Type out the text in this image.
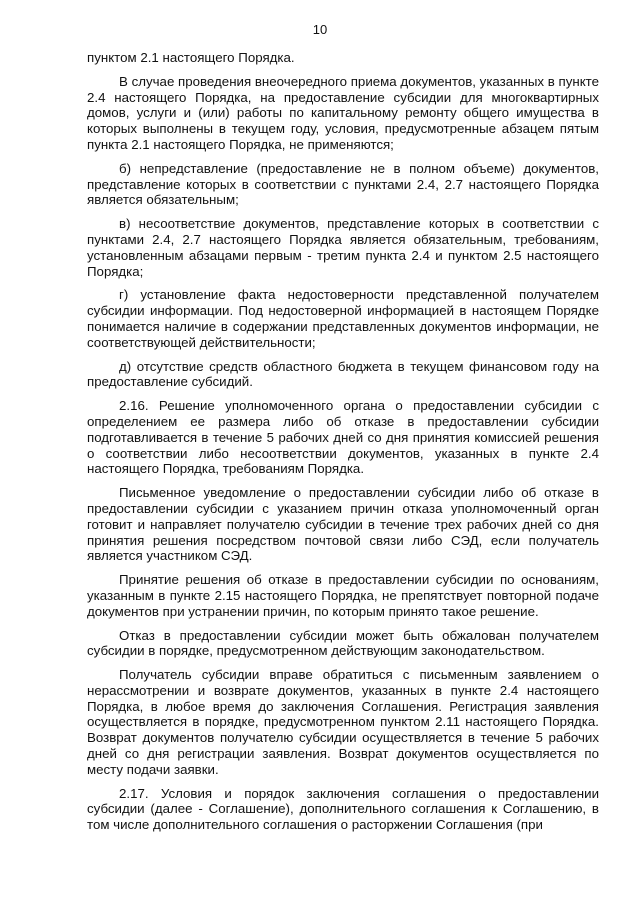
10

пунктом 2.1 настоящего Порядка.

В случае проведения внеочередного приема документов, указанных в пункте 2.4 настоящего Порядка, на предоставление субсидии для многоквартирных домов, услуги и (или) работы по капитальному ремонту общего имущества в которых выполнены в текущем году, условия, предусмотренные абзацем пятым пункта 2.1 настоящего Порядка, не применяются;

б) непредставление (предоставление не в полном объеме) документов, представление которых в соответствии с пунктами 2.4, 2.7 настоящего Порядка является обязательным;

в) несоответствие документов, представление которых в соответствии с пунктами 2.4, 2.7 настоящего Порядка является обязательным, требованиям, установленным абзацами первым - третим пункта 2.4 и пунктом 2.5 настоящего Порядка;

г) установление факта недостоверности представленной получателем субсидии информации. Под недостоверной информацией в настоящем Порядке понимается наличие в содержании представленных документов информации, не соответствующей действительности;

д) отсутствие средств областного бюджета в текущем финансовом году на предоставление субсидий.

2.16. Решение уполномоченного органа о предоставлении субсидии с определением ее размера либо об отказе в предоставлении субсидии подготавливается в течение 5 рабочих дней со дня принятия комиссией решения о соответствии либо несоответствии документов, указанных в пункте 2.4 настоящего Порядка, требованиям Порядка.

Письменное уведомление о предоставлении субсидии либо об отказе в предоставлении субсидии с указанием причин отказа уполномоченный орган готовит и направляет получателю субсидии в течение трех рабочих дней со дня принятия решения посредством почтовой связи либо СЭД, если получатель является участником СЭД.

Принятие решения об отказе в предоставлении субсидии по основаниям, указанным в пункте 2.15 настоящего Порядка, не препятствует повторной подаче документов при устранении причин, по которым принято такое решение.

Отказ в предоставлении субсидии может быть обжалован получателем субсидии в порядке, предусмотренном действующим законодательством.

Получатель субсидии вправе обратиться с письменным заявлением о нерассмотрении и возврате документов, указанных в пункте 2.4 настоящего Порядка, в любое время до заключения Соглашения. Регистрация заявления осуществляется в порядке, предусмотренном пунктом 2.11 настоящего Порядка. Возврат документов получателю субсидии осуществляется в течение 5 рабочих дней со дня регистрации заявления. Возврат документов осуществляется по месту подачи заявки.

2.17. Условия и порядок заключения соглашения о предоставлении субсидии (далее - Соглашение), дополнительного соглашения к Соглашению, в том числе дополнительного соглашения о расторжении Соглашения (при
